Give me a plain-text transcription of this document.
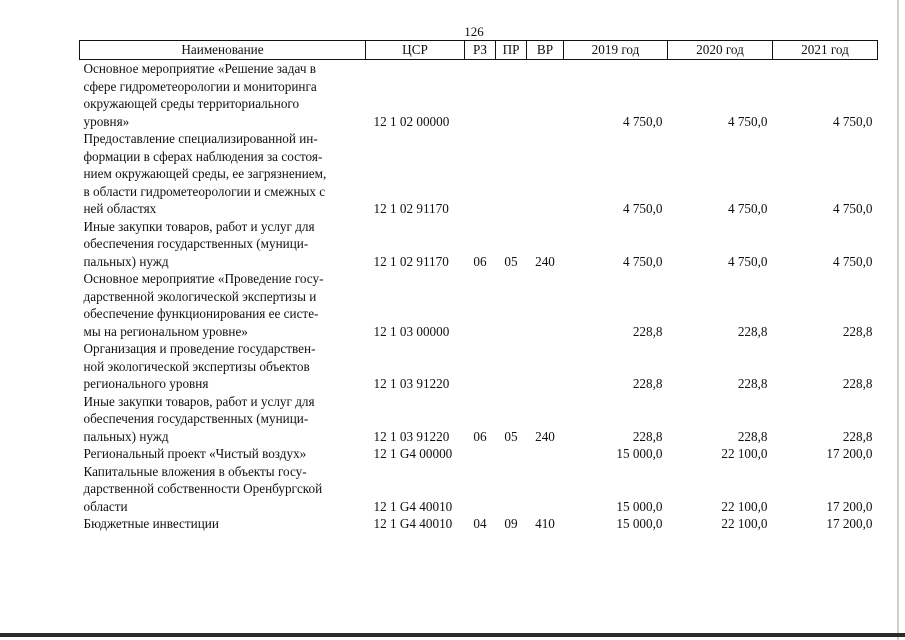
126
Наименование	ЦСР	РЗ	ПР	ВР	2019 год	2020 год	2021 год
Основное мероприятие «Решение задач в
сфере гидрометеорологии и мониторинга
окружающей среды территориального
уровня»	12 1 02 00000				4 750,0	4 750,0	4 750,0
Предоставление специализированной ин-
формации в сферах наблюдения за состоя-
нием окружающей среды, ее загрязнением,
в области гидрометеорологии и смежных с
ней областях	12 1 02 91170				4 750,0	4 750,0	4 750,0
Иные закупки товаров, работ и услуг для
обеспечения государственных (муници-
пальных) нужд	12 1 02 91170	06	05	240	4 750,0	4 750,0	4 750,0
Основное мероприятие «Проведение госу-
дарственной экологической экспертизы и
обеспечение функционирования ее систе-
мы на региональном уровне»	12 1 03 00000				228,8	228,8	228,8
Организация и проведение государствен-
ной экологической экспертизы объектов
регионального уровня	12 1 03 91220				228,8	228,8	228,8
Иные закупки товаров, работ и услуг для
обеспечения государственных (муници-
пальных) нужд	12 1 03 91220	06	05	240	228,8	228,8	228,8
Региональный проект «Чистый воздух»	12 1 G4 00000				15 000,0	22 100,0	17 200,0
Капитальные вложения в объекты госу-
дарственной собственности Оренбургской
области	12 1 G4 40010				15 000,0	22 100,0	17 200,0
Бюджетные инвестиции	12 1 G4 40010	04	09	410	15 000,0	22 100,0	17 200,0
